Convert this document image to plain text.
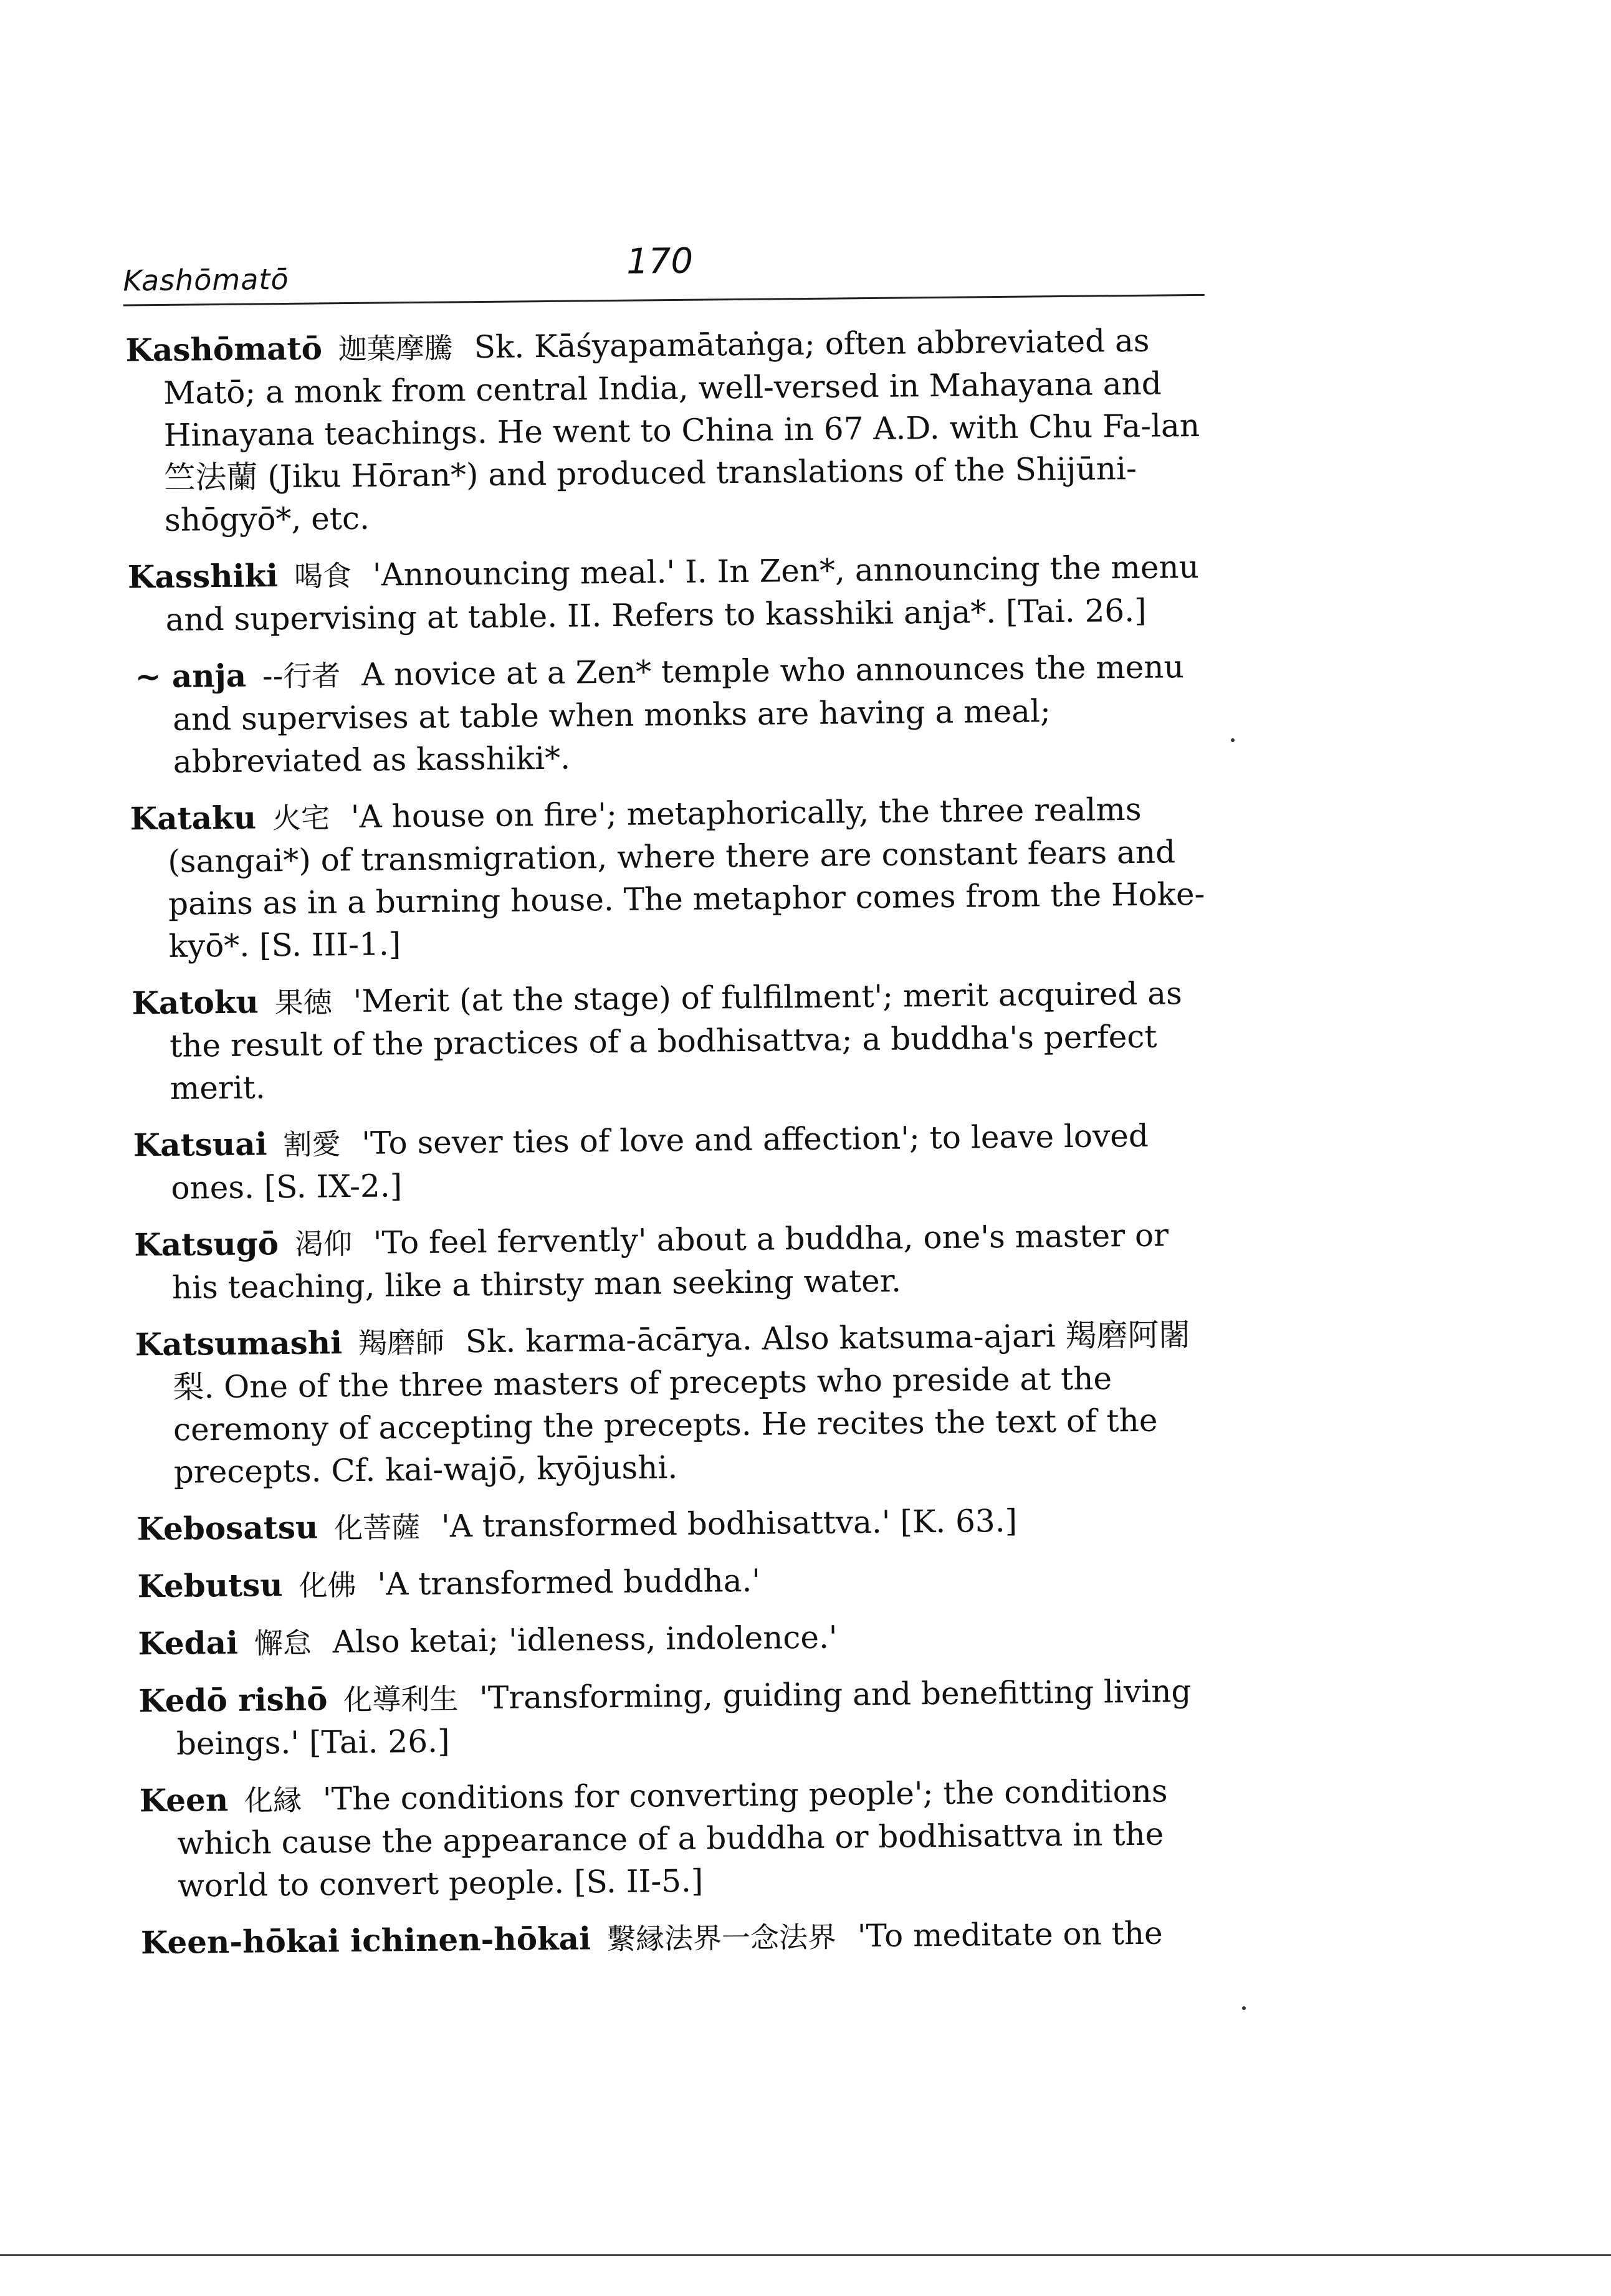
Kashōmatō	170

Kashōmatō 迦葉摩騰 Sk. Kāśyapamātaṅga; often abbreviated as Matō; a monk from central India, well-versed in Mahayana and Hinayana teachings. He went to China in 67 A.D. with Chu Fa-lan 竺法蘭 (Jiku Hōran*) and produced translations of the Shijūni-shōgyō*, etc.

Kasshiki 喝食 'Announcing meal.' I. In Zen*, announcing the menu and supervising at table. II. Refers to kasshiki anja*. [Tai. 26.]

~ anja --行者 A novice at a Zen* temple who announces the menu and supervises at table when monks are having a meal; abbreviated as kasshiki*.

Kataku 火宅 'A house on fire'; metaphorically, the three realms (sangai*) of transmigration, where there are constant fears and pains as in a burning house. The metaphor comes from the Hoke-kyō*. [S. III-1.]

Katoku 果徳 'Merit (at the stage) of fulfilment'; merit acquired as the result of the practices of a bodhisattva; a buddha's perfect merit.

Katsuai 割愛 'To sever ties of love and affection'; to leave loved ones. [S. IX-2.]

Katsugō 渇仰 'To feel fervently' about a buddha, one's master or his teaching, like a thirsty man seeking water.

Katsumashi 羯磨師 Sk. karma-ācārya. Also katsuma-ajari 羯磨阿闍梨. One of the three masters of precepts who preside at the ceremony of accepting the precepts. He recites the text of the precepts. Cf. kai-wajō, kyōjushi.

Kebosatsu 化菩薩 'A transformed bodhisattva.' [K. 63.]

Kebutsu 化佛 'A transformed buddha.'

Kedai 懈怠 Also ketai; 'idleness, indolence.'

Kedō rishō 化導利生 'Transforming, guiding and benefitting living beings.' [Tai. 26.]

Keen 化縁 'The conditions for converting people'; the conditions which cause the appearance of a buddha or bodhisattva in the world to convert people. [S. II-5.]

Keen-hōkai ichinen-hōkai 繫縁法界一念法界 'To meditate on the
